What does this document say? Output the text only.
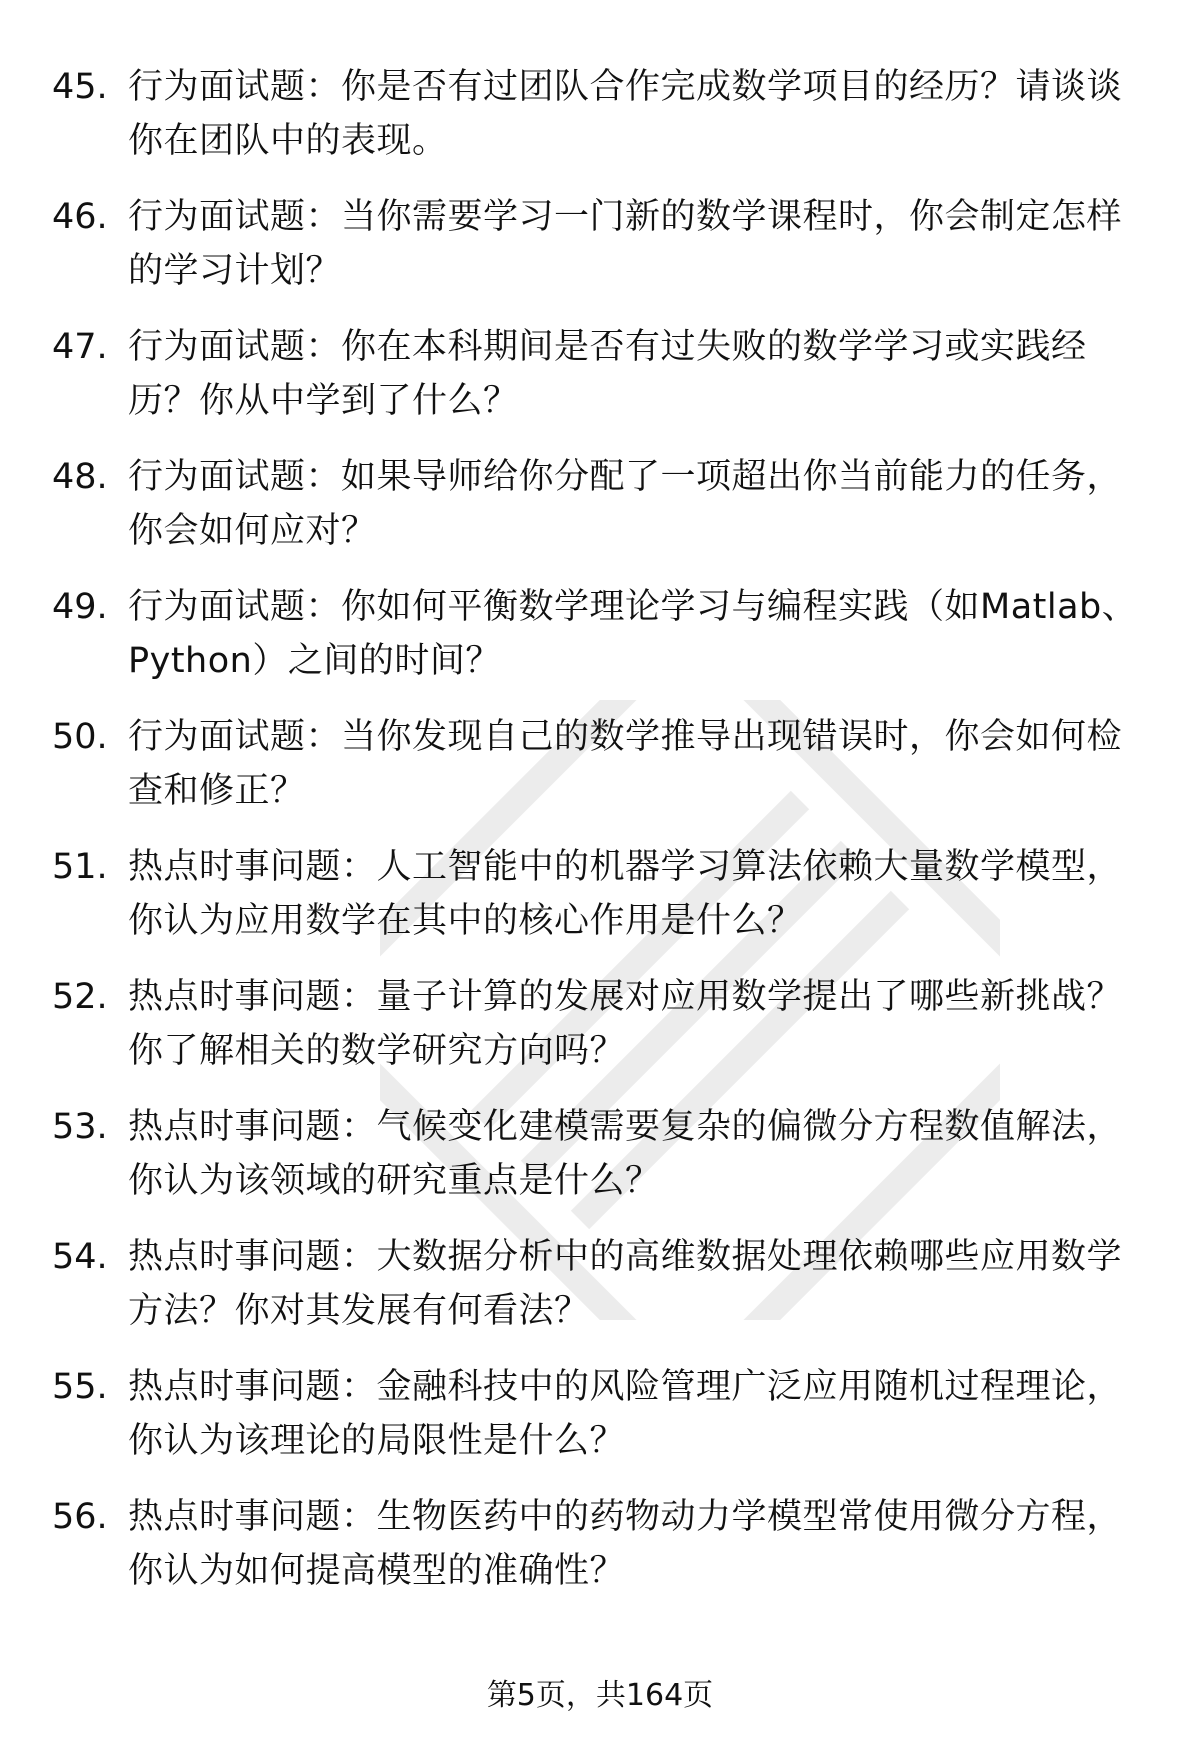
45. 行为面试题：你是否有过团队合作完成数学项目的经历？请谈谈你在团队中的表现。
46. 行为面试题：当你需要学习一门新的数学课程时，你会制定怎样的学习计划？
47. 行为面试题：你在本科期间是否有过失败的数学学习或实践经历？你从中学到了什么？
48. 行为面试题：如果导师给你分配了一项超出你当前能力的任务，你会如何应对？
49. 行为面试题：你如何平衡数学理论学习与编程实践（如Matlab、Python）之间的时间？
50. 行为面试题：当你发现自己的数学推导出现错误时，你会如何检查和修正？
51. 热点时事问题：人工智能中的机器学习算法依赖大量数学模型，你认为应用数学在其中的核心作用是什么？
52. 热点时事问题：量子计算的发展对应用数学提出了哪些新挑战？你了解相关的数学研究方向吗？
53. 热点时事问题：气候变化建模需要复杂的偏微分方程数值解法，你认为该领域的研究重点是什么？
54. 热点时事问题：大数据分析中的高维数据处理依赖哪些应用数学方法？你对其发展有何看法？
55. 热点时事问题：金融科技中的风险管理广泛应用随机过程理论，你认为该理论的局限性是什么？
56. 热点时事问题：生物医药中的药物动力学模型常使用微分方程，你认为如何提高模型的准确性？
第5页，共164页
